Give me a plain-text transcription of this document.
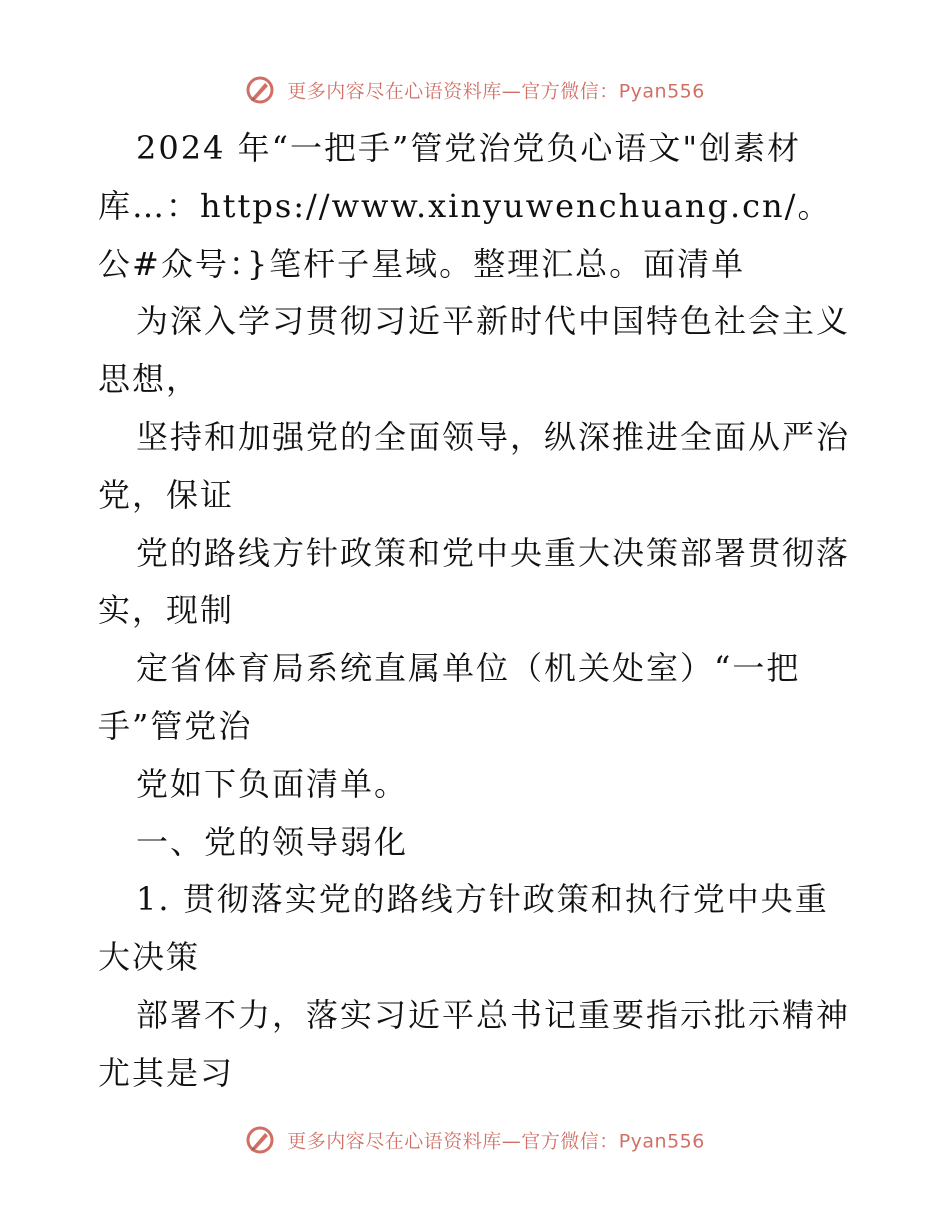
更多内容尽在心语资料库—官方微信：Pyan556

2024 年“一把手”管党治党负心语文"创素材库…：https://www.xinyuwenchuang.cn/。公#众号：}笔杆子星域。整理汇总。面清单

为深入学习贯彻习近平新时代中国特色社会主义思想，

坚持和加强党的全面领导，纵深推进全面从严治党，保证

党的路线方针政策和党中央重大决策部署贯彻落实，现制

定省体育局系统直属单位（机关处室）“一把手”管党治

党如下负面清单。

一、党的领导弱化

1. 贯彻落实党的路线方针政策和执行党中央重大决策

部署不力，落实习近平总书记重要指示批示精神尤其是习

更多内容尽在心语资料库—官方微信：Pyan556
